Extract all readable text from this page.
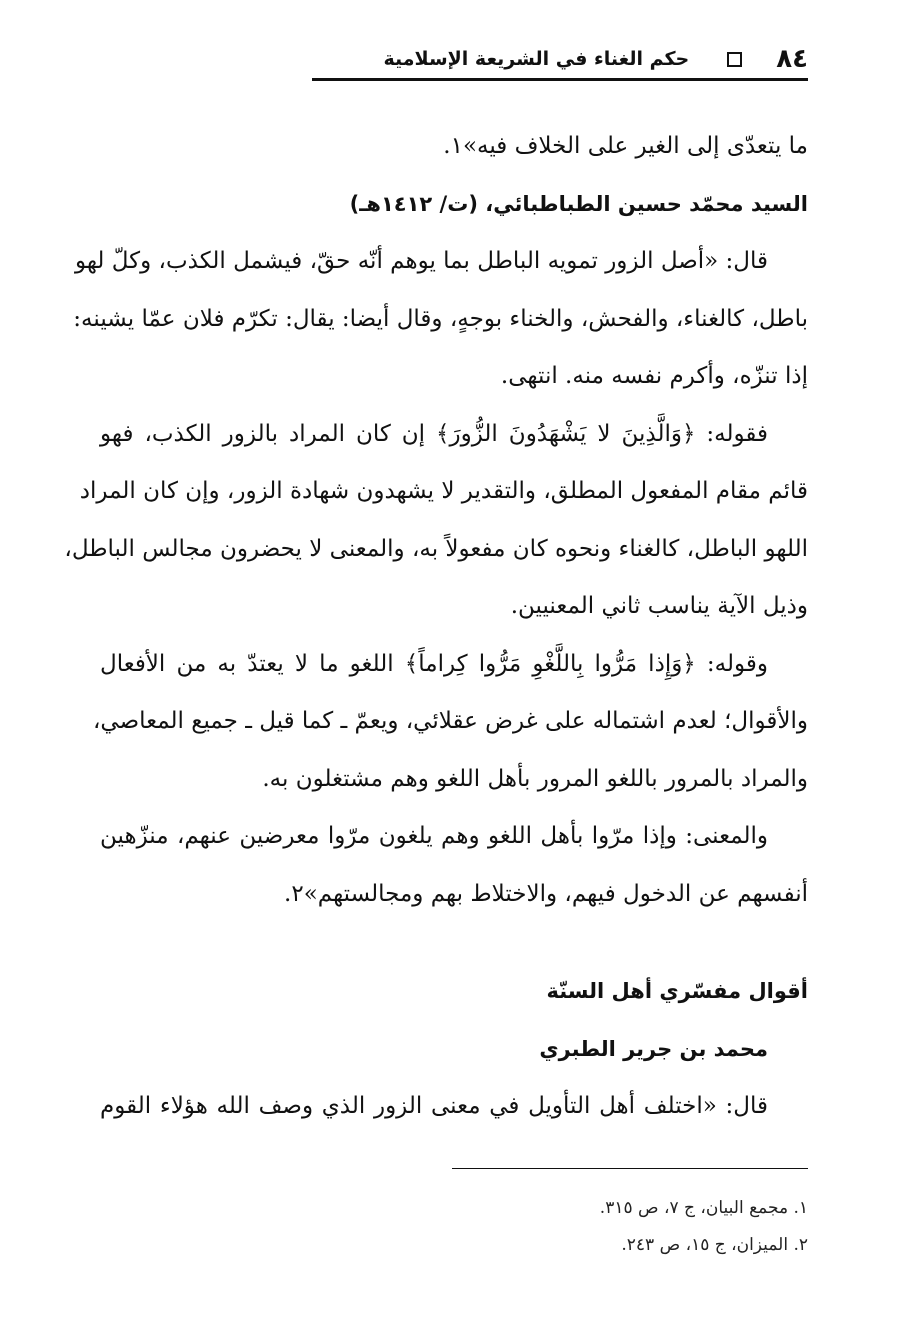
٨٤
حكم الغناء في الشريعة الإسلامية
ما يتعدّى إلى الغير على الخلاف فيه»١.
السيد محمّد حسين الطباطبائي، (ت/ ١٤١٢هـ)
قال: «أصل الزور تمويه الباطل بما يوهم أنّه حقّ، فيشمل الكذب، وكلّ لهو
باطل، كالغناء، والفحش، والخناء بوجهٍ، وقال أيضا: يقال: تكرّم فلان عمّا يشينه:
إذا تنزّه، وأكرم نفسه منه. انتهى.
فقوله: ﴿وَالَّذِينَ لا يَشْهَدُونَ الزُّورَ﴾ إن كان المراد بالزور الكذب، فهو
قائم مقام المفعول المطلق، والتقدير لا يشهدون شهادة الزور، وإن كان المراد
اللهو الباطل، كالغناء ونحوه كان مفعولاً به، والمعنى لا يحضرون مجالس الباطل،
وذيل الآية يناسب ثاني المعنيين.
وقوله: ﴿وَإِذا مَرُّوا بِاللَّغْوِ مَرُّوا كِراماً﴾ اللغو ما لا يعتدّ به من الأفعال
والأقوال؛ لعدم اشتماله على غرض عقلائي، ويعمّ ـ كما قيل ـ جميع المعاصي،
والمراد بالمرور باللغو المرور بأهل اللغو وهم مشتغلون به.
والمعنى: وإذا مرّوا بأهل اللغو وهم يلغون مرّوا معرضين عنهم، منزّهين
أنفسهم عن الدخول فيهم، والاختلاط بهم ومجالستهم»٢.
أقوال مفسّري أهل السنّة
محمد بن جرير الطبري
قال: «اختلف أهل التأويل في معنى الزور الذي وصف الله هؤلاء القوم
١. مجمع البيان، ج ٧، ص ٣١٥.
٢. الميزان، ج ١٥، ص ٢٤٣.
